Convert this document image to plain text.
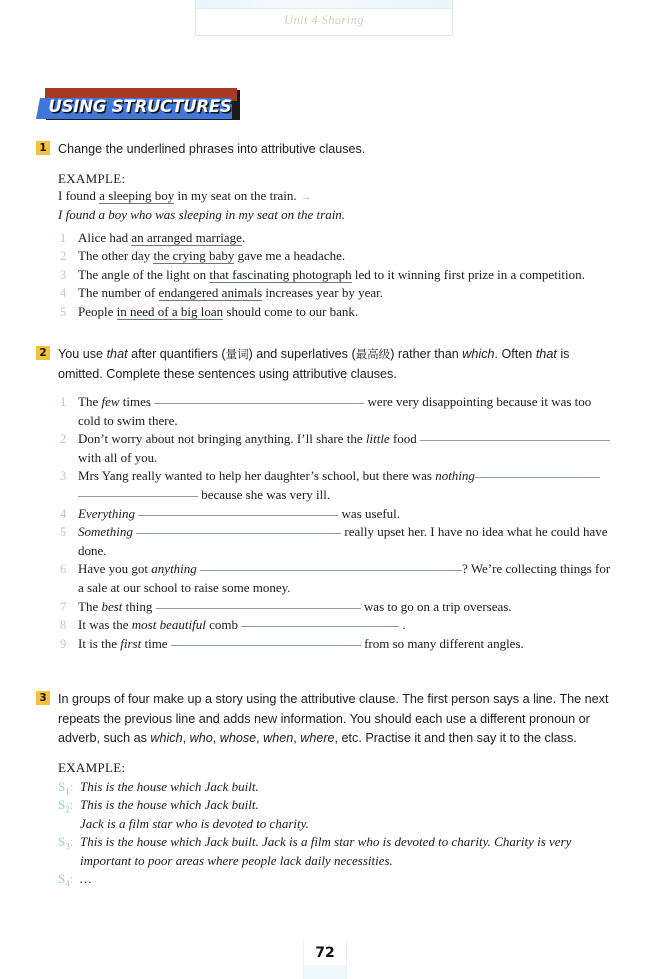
Unit 4 Sharing
USING STRUCTURES
1 Change the underlined phrases into attributive clauses.
EXAMPLE:
I found a sleeping boy in my seat on the train. →
I found a boy who was sleeping in my seat on the train.
1 Alice had an arranged marriage.
2 The other day the crying baby gave me a headache.
3 The angle of the light on that fascinating photograph led to it winning first prize in a competition.
4 The number of endangered animals increases year by year.
5 People in need of a big loan should come to our bank.
2 You use that after quantifiers (量词) and superlatives (最高级) rather than which. Often that is omitted. Complete these sentences using attributive clauses.
1 The few times	were very disappointing because it was too cold to swim there.
2 Don’t worry about not bringing anything. I’ll share the little food  with all of you.
3 Mrs Yang really wanted to help her daughter’s school, but there was nothing
because she was very ill.
4 Everything	was useful.
5 Something	really upset her. I have no idea what he could have done.
6 Have you got anything	? We’re collecting things for a sale at our school to raise some money.
7 The best thing	was to go on a trip overseas.
8 It was the most beautiful comb	.
9 It is the first time	from so many different angles.
3 In groups of four make up a story using the attributive clause. The first person says a line. The next repeats the previous line and adds new information. You should each use a different pronoun or adverb, such as which, who, whose, when, where, etc. Practise it and then say it to the class.
EXAMPLE:
$S_1$: This is the house which Jack built.
$S_2$: This is the house which Jack built.
Jack is a film star who is devoted to charity.
$S_3$: This is the house which Jack built. Jack is a film star who is devoted to charity. Charity is very important to poor areas where people lack daily necessities.
$S_4$: …
72
